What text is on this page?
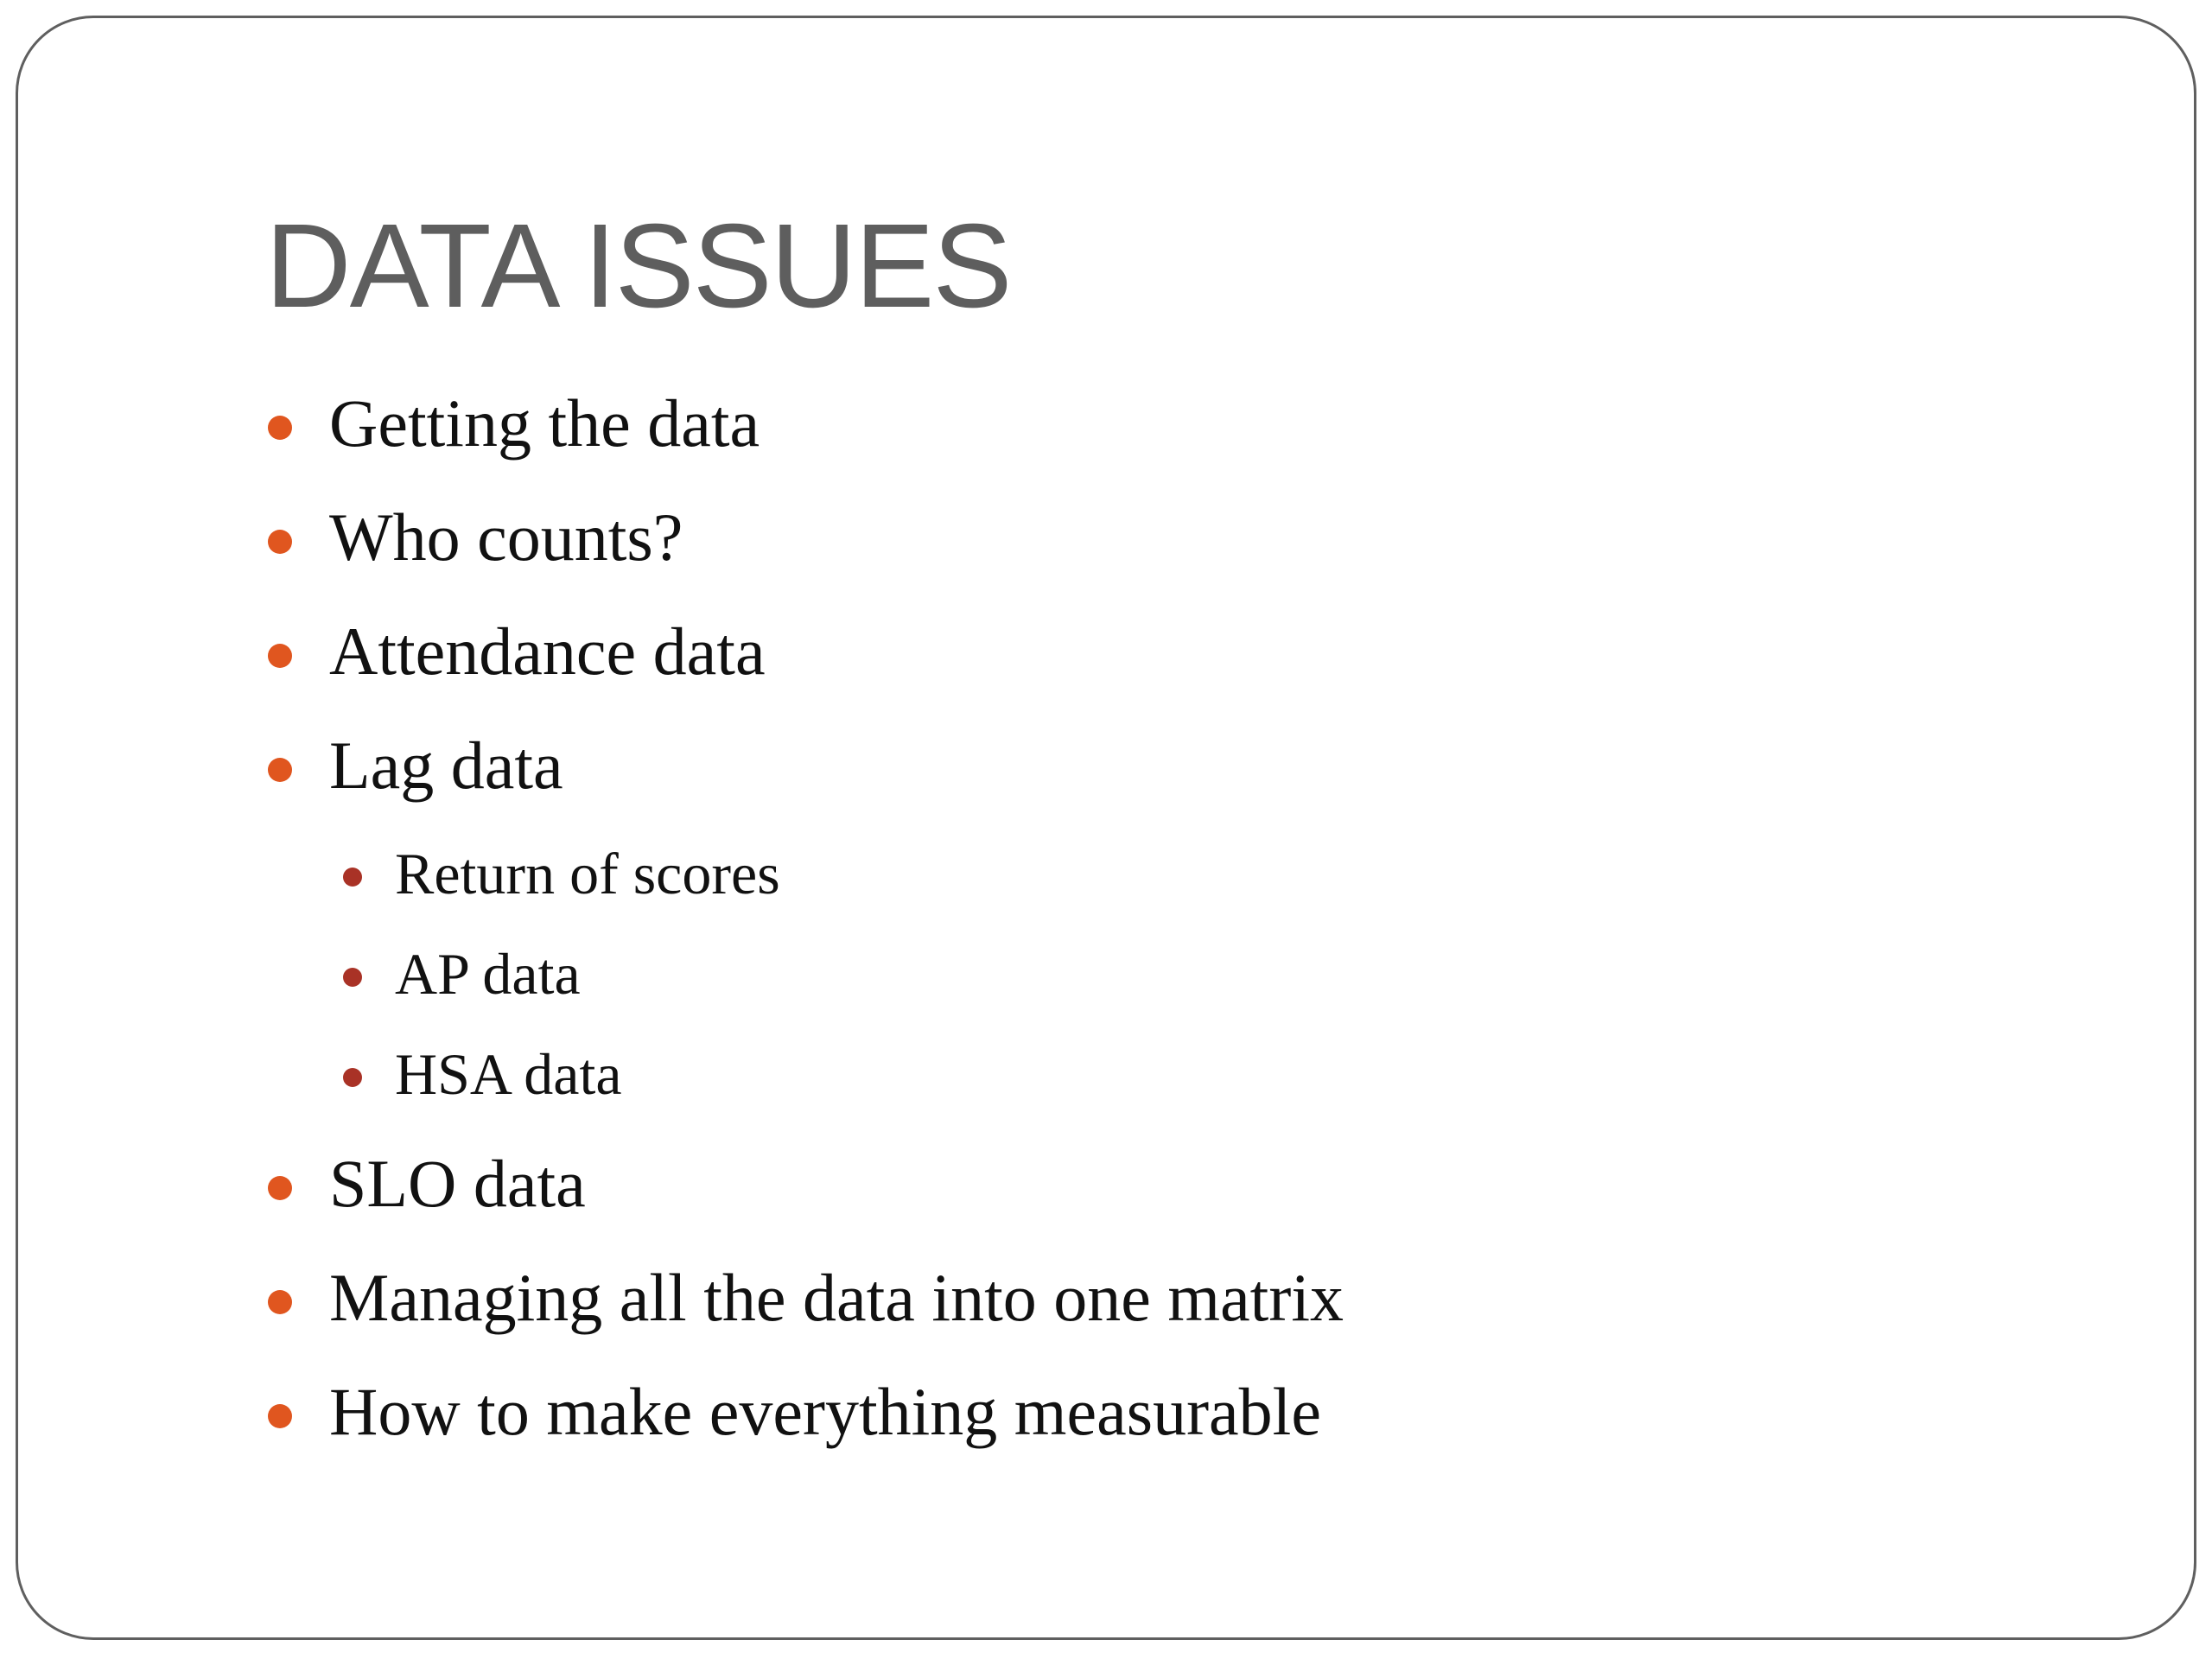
DATA ISSUES
Getting the data
Who counts?
Attendance data
Lag data
Return of scores
AP data
HSA data
SLO data
Managing all the data into one matrix
How to make everything measurable
